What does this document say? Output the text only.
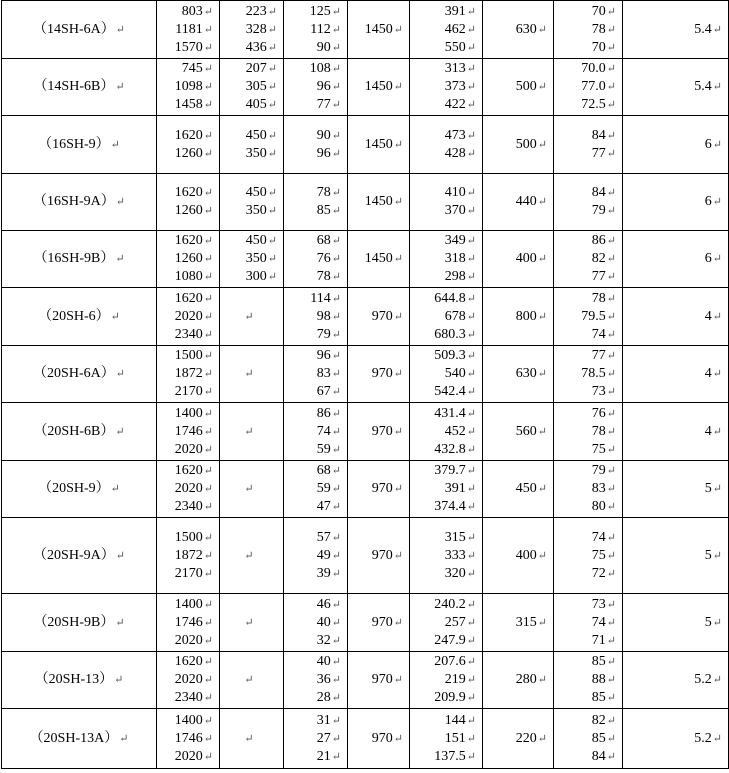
（14SH-6A）↵	803↵
1181↵
1570↵	223↵
328↵
436↵	125↵
112↵
90↵	1450↵	391↵
462↵
550↵	630↵	70↵
78↵
70↵	5.4↵

（14SH-6B）↵	745↵
1098↵
1458↵	207↵
305↵
405↵	108↵
96↵
77↵	1450↵	313↵
373↵
422↵	500↵	70.0↵
77.0↵
72.5↵	5.4↵

（16SH-9）↵	1620↵
1260↵	450↵
350↵	90↵
96↵	1450↵	473↵
428↵	500↵	84↵
77↵	6↵

（16SH-9A）↵	1620↵
1260↵	450↵
350↵	78↵
85↵	1450↵	410↵
370↵	440↵	84↵
79↵	6↵

（16SH-9B）↵	1620↵
1260↵
1080↵	450↵
350↵
300↵	68↵
76↵
78↵	1450↵	349↵
318↵
298↵	400↵	86↵
82↵
77↵	6↵

（20SH-6）↵	1620↵
2020↵
2340↵	↵	114↵
98↵
79↵	970↵	644.8↵
678↵
680.3↵	800↵	78↵
79.5↵
74↵	4↵

（20SH-6A）↵	1500↵
1872↵
2170↵	↵	96↵
83↵
67↵	970↵	509.3↵
540↵
542.4↵	630↵	77↵
78.5↵
73↵	4↵

（20SH-6B）↵	1400↵
1746↵
2020↵	↵	86↵
74↵
59↵	970↵	431.4↵
452↵
432.8↵	560↵	76↵
78↵
75↵	4↵

（20SH-9）↵	1620↵
2020↵
2340↵	↵	68↵
59↵
47↵	970↵	379.7↵
391↵
374.4↵	450↵	79↵
83↵
80↵	5↵

（20SH-9A）↵	1500↵
1872↵
2170↵	↵	57↵
49↵
39↵	970↵	315↵
333↵
320↵	400↵	74↵
75↵
72↵	5↵

（20SH-9B）↵	1400↵
1746↵
2020↵	↵	46↵
40↵
32↵	970↵	240.2↵
257↵
247.9↵	315↵	73↵
74↵
71↵	5↵

（20SH-13）↵	1620↵
2020↵
2340↵	↵	40↵
36↵
28↵	970↵	207.6↵
219↵
209.9↵	280↵	85↵
88↵
85↵	5.2↵

（20SH-13A）↵	1400↵
1746↵
2020↵	↵	31↵
27↵
21↵	970↵	144↵
151↵
137.5↵	220↵	82↵
85↵
84↵	5.2↵
